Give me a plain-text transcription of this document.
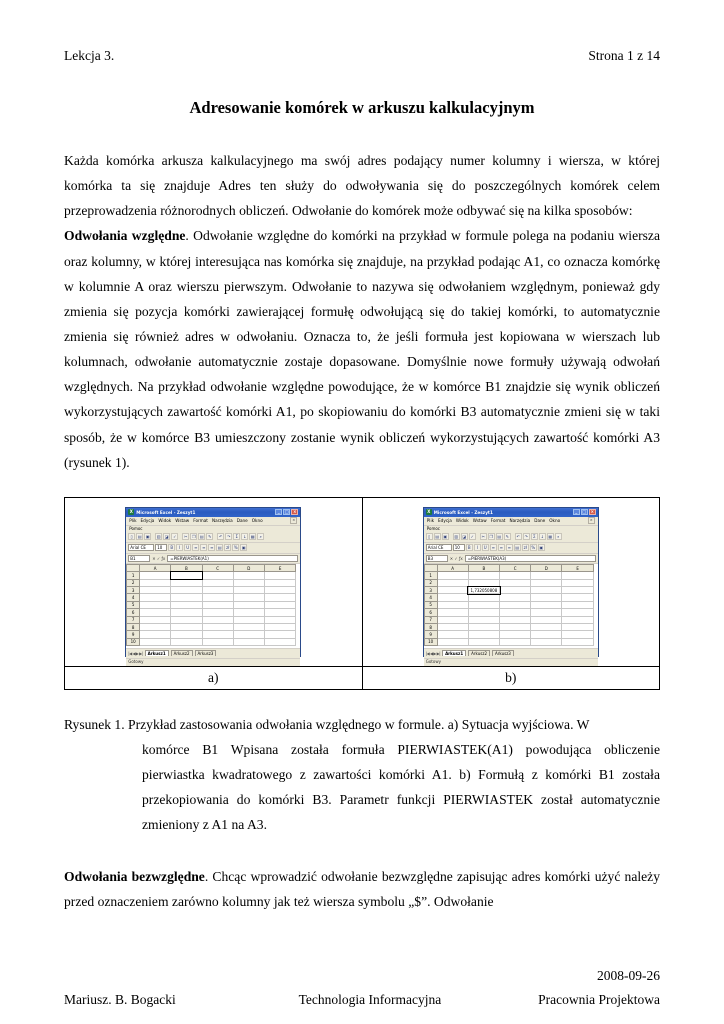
Lekcja 3.	Strona 1 z 14
Adresowanie komórek w arkuszu kalkulacyjnym

Każda komórka arkusza kalkulacyjnego ma swój adres podający numer kolumny i wiersza, w której komórka ta się znajduje Adres ten służy do odwoływania się do poszczególnych komórek celem przeprowadzenia różnorodnych obliczeń. Odwołanie do komórek może odbywać się na kilka sposobów:

Odwołania względne. Odwołanie względne do komórki na przykład w formule polega na podaniu wiersza oraz kolumny, w której interesująca nas komórka się znajduje, na przykład podając A1, co oznacza komórkę w kolumnie A oraz wierszu pierwszym. Odwołanie to nazywa się odwołaniem względnym, ponieważ gdy zmienia się pozycja komórki zawierającej formułę odwołującą się do takiej komórki, to automatycznie zmienia się również adres w odwołaniu. Oznacza to, że jeśli formuła jest kopiowana w wierszach lub kolumnach, odwołanie automatycznie zostaje dopasowane. Domyślnie nowe formuły używają odwołań względnych. Na przykład odwołanie względne powodujące, że w komórce B1 znajdzie się wynik obliczeń wykorzystujących zawartość komórki A1, po skopiowaniu do komórki B3 automatycznie zmieni się w taki sposób, że w komórce B3 umieszczony zostanie wynik obliczeń wykorzystujących zawartość komórki A3 (rysunek 1).

X Microsoft Excel - Zeszyt1	_	□	×
Plik Edycja Widok Wstaw Format Narzędzia Dane Okno	×
Pomoc
▯	▤	▣	▥	◪	✓	✂	❐	▤	✎	↶	↷	Σ	↓	▦	⌕
Arial CE	10	B	I	U	≡	≡	≡	▤	zł	%	▣
B1	✕ ✓ ƒx	=PIERWIASTEK(A1)
	A	B	C	D	E
1					
2					
3					
4					
5					
6					
7					
8					
9					
10					
|◀ ◀ ▶ ▶|	Arkusz1	Arkusz2	Arkusz3
Gotowy

X Microsoft Excel - Zeszyt1	_	□	×
Plik Edycja Widok Wstaw Format Narzędzia Dane Okno	×
Pomoc
▯	▤	▣	▥	◪	✓	✂	❐	▤	✎	↶	↷	Σ	↓	▦	⌕
Arial CE	10	B	I	U	≡	≡	≡	▤	zł	%	▣
B3	✕ ✓ ƒx	=PIERWIASTEK(A3)
	A	B	C	D	E
1					
2					
3		1,732050808			
4					
5					
6					
7					
8					
9					
10					
|◀ ◀ ▶ ▶|	Arkusz1	Arkusz2	Arkusz3
Gotowy

a)	b)
Rysunek 1. Przykład zastosowania odwołania względnego w formule. a) Sytuacja wyjściowa. W
komórce B1 Wpisana została formuła PIERWIASTEK(A1) powodująca obliczenie pierwiastka kwadratowego z zawartości komórki A1. b) Formułą z komórki B1 została przekopiowania do komórki B3. Parametr funkcji PIERWIASTEK został automatycznie zmieniony z A1 na A3.
Odwołania bezwzględne. Chcąc wprowadzić odwołanie bezwzględne zapisując adres komórki użyć należy przed oznaczeniem zarówno kolumny jak też wiersza symbolu „$”. Odwołanie
2008-09-26
Mariusz. B. Bogacki	Technologia Informacyjna	Pracownia Projektowa
